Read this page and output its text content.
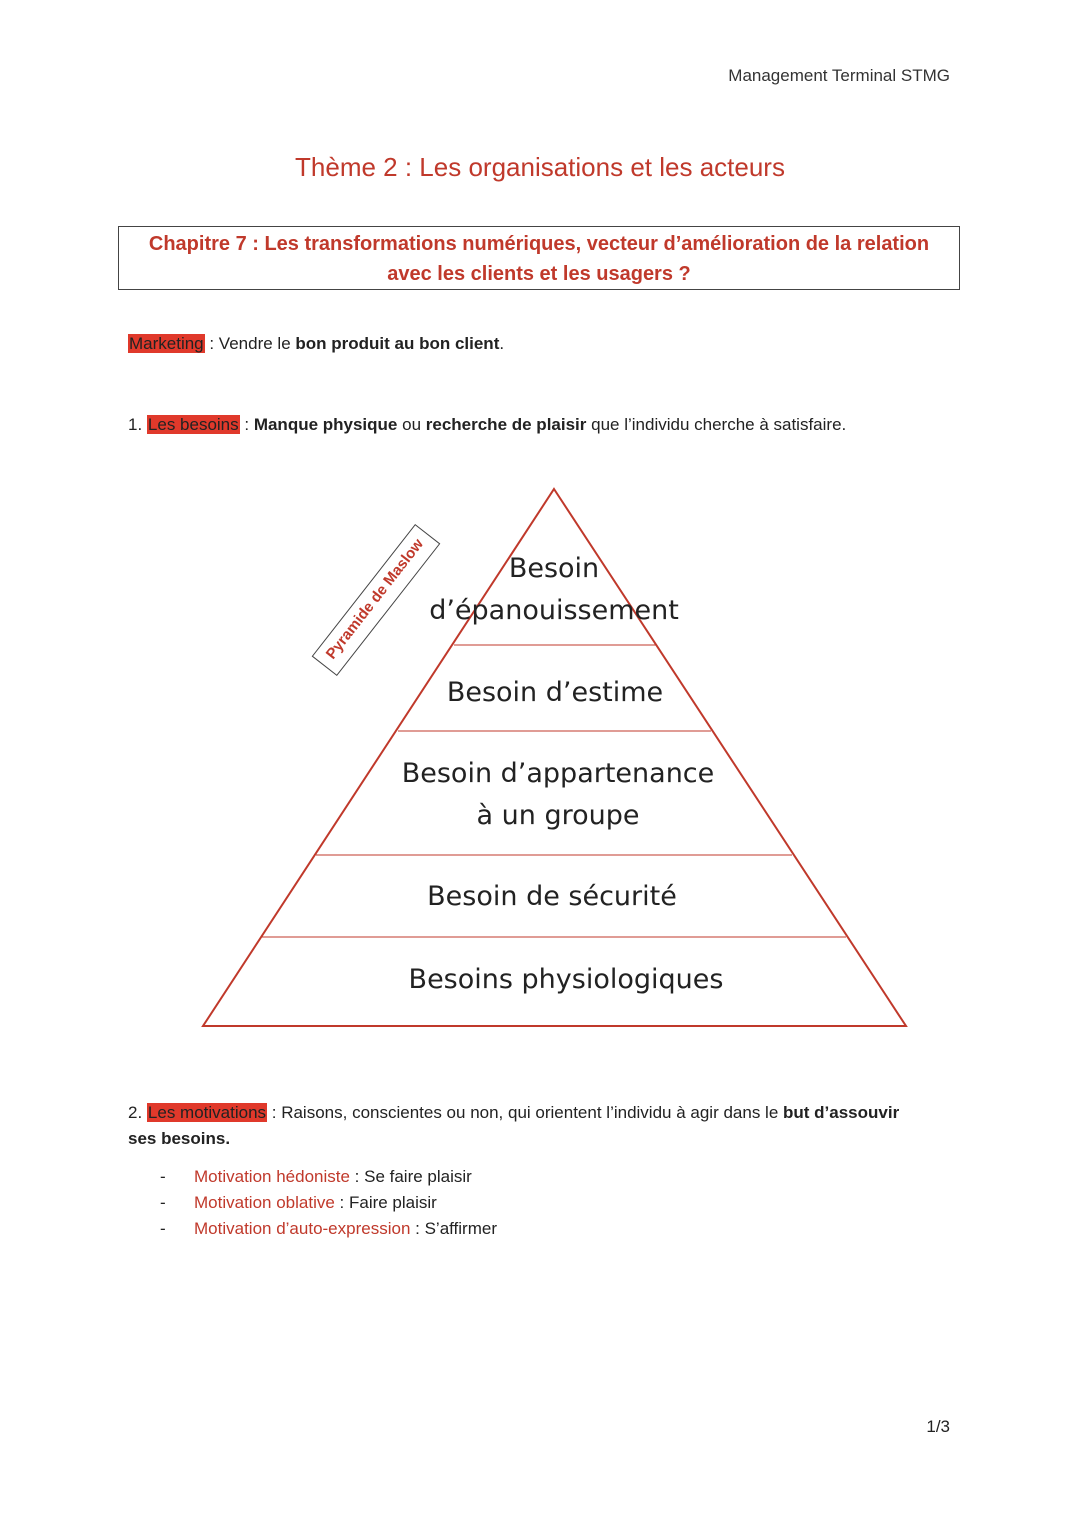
Management Terminal STMG
Thème 2 : Les organisations et les acteurs
Chapitre 7 : Les transformations numériques, vecteur d’amélioration de la relation
avec les clients et les usagers ?
Marketing : Vendre le bon produit au bon client.
1. Les besoins : Manque physique ou recherche de plaisir que l’individu cherche à satisfaire.
Pyramide de Maslow	Besoin
d’épanouissement
Besoin d’estime
Besoin d’appartenance
à un groupe
Besoin de sécurité
Besoins physiologiques
2. Les motivations : Raisons, conscientes ou non, qui orientent l’individu à agir dans le but d’assouvir
ses besoins.
- Motivation hédoniste : Se faire plaisir
- Motivation oblative : Faire plaisir
- Motivation d’auto-expression : S’affirmer
1/3
